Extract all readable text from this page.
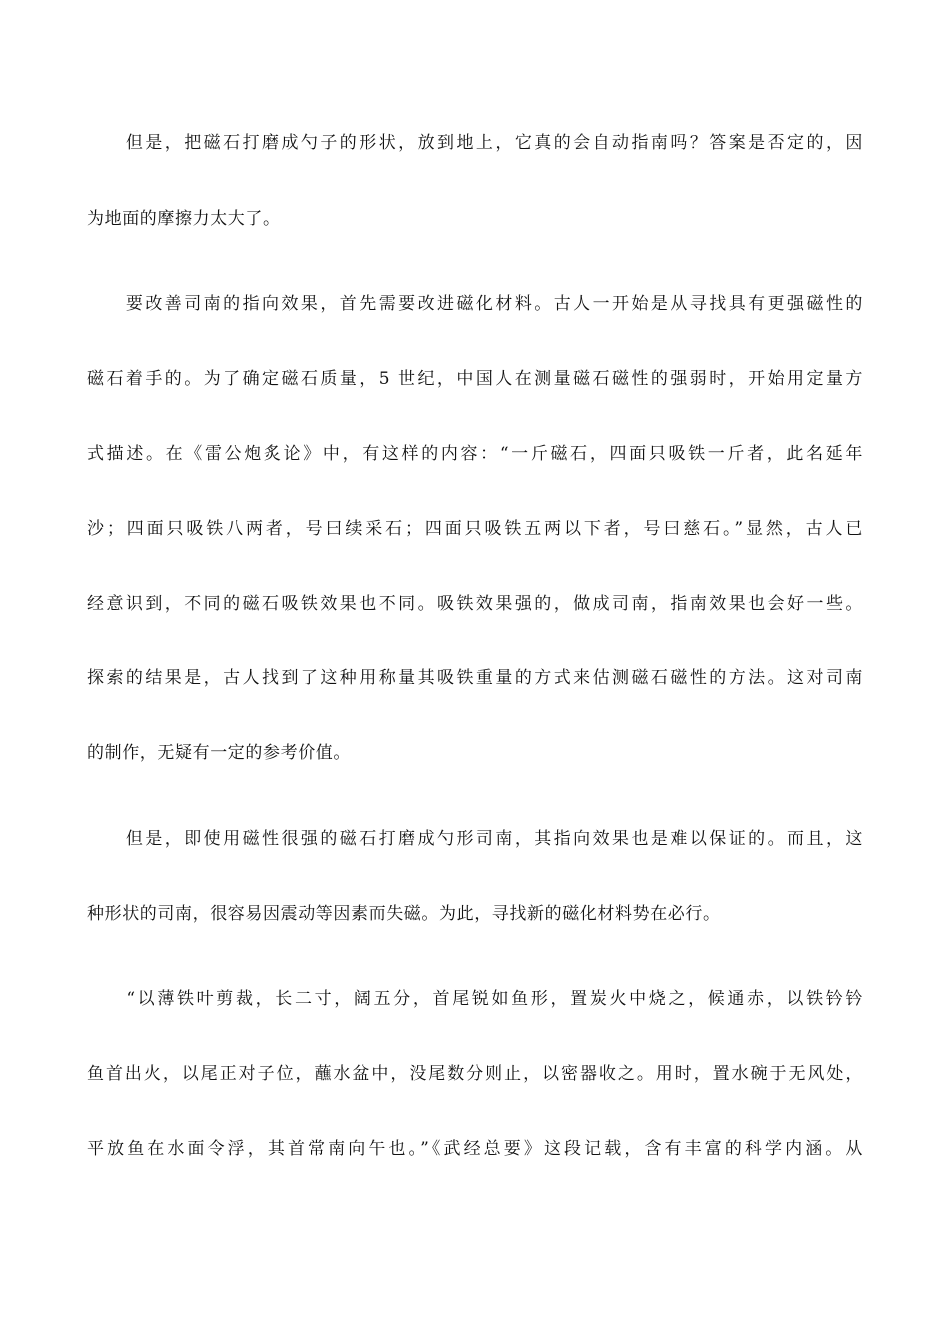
　　但是，把磁石打磨成勺子的形状，放到地上，它真的会自动指南吗？答案是否定的，因
为地面的摩擦力太大了。
　　要改善司南的指向效果，首先需要改进磁化材料。古人一开始是从寻找具有更强磁性的
磁石着手的。为了确定磁石质量，5 世纪，中国人在测量磁石磁性的强弱时，开始用定量方
式描述。在《雷公炮炙论》中，有这样的内容：“一斤磁石，四面只吸铁一斤者，此名延年
沙；四面只吸铁八两者，号曰续采石；四面只吸铁五两以下者，号曰慈石。”显然，古人已
经意识到，不同的磁石吸铁效果也不同。吸铁效果强的，做成司南，指南效果也会好一些。
探索的结果是，古人找到了这种用称量其吸铁重量的方式来估测磁石磁性的方法。这对司南
的制作，无疑有一定的参考价值。
　　但是，即使用磁性很强的磁石打磨成勺形司南，其指向效果也是难以保证的。而且，这
种形状的司南，很容易因震动等因素而失磁。为此，寻找新的磁化材料势在必行。
　　“以薄铁叶剪裁，长二寸，阔五分，首尾锐如鱼形，置炭火中烧之，候通赤，以铁钤钤
鱼首出火，以尾正对子位，蘸水盆中，没尾数分则止，以密器收之。用时，置水碗于无风处，
平放鱼在水面令浮，其首常南向午也。”《武经总要》这段记载，含有丰富的科学内涵。从
